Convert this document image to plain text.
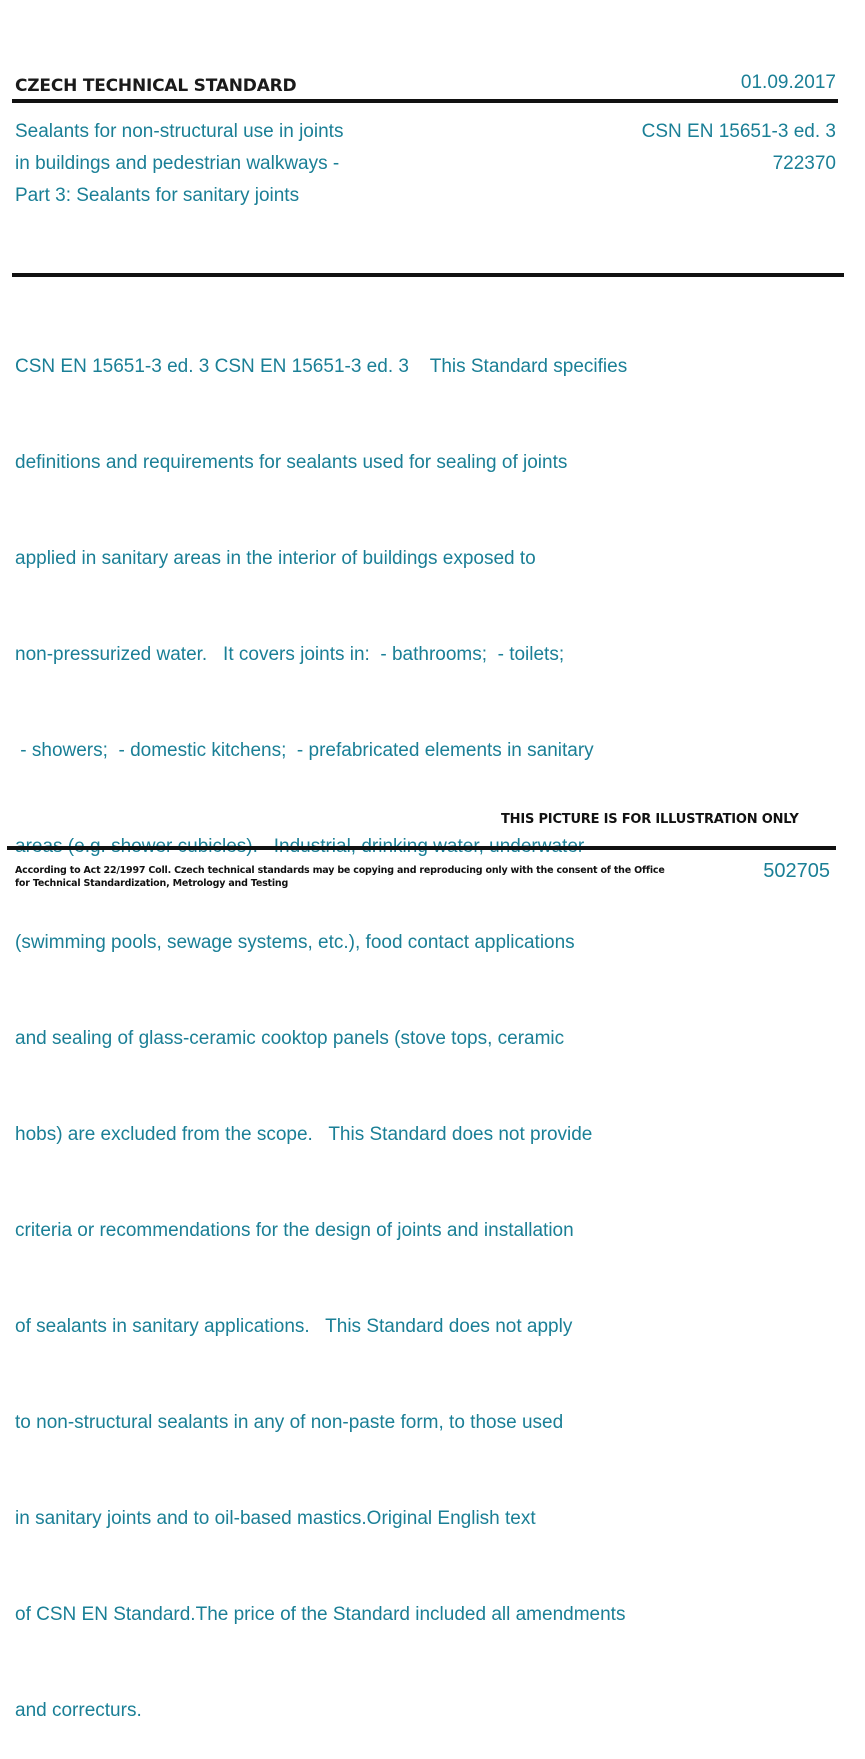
CZECH TECHNICAL STANDARD	01.09.2017
Sealants for non-structural use in joints
in buildings and pedestrian walkways -
Part 3: Sealants for sanitary joints
CSN EN 15651-3 ed. 3
722370

CSN EN 15651-3 ed. 3 CSN EN 15651-3 ed. 3    This Standard specifies

definitions and requirements for sealants used for sealing of joints

applied in sanitary areas in the interior of buildings exposed to

non-pressurized water.   It covers joints in:  - bathrooms;  - toilets;

- showers;  - domestic kitchens;  - prefabricated elements in sanitary

(swimming pools, sewage systems, etc.), food contact applications

and sealing of glass-ceramic cooktop panels (stove tops, ceramic

hobs) are excluded from the scope.   This Standard does not provide

criteria or recommendations for the design of joints and installation

of sealants in sanitary applications.   This Standard does not apply

to non-structural sealants in any of non-paste form, to those used

in sanitary joints and to oil-based mastics.Original English text

of CSN EN Standard.The price of the Standard included all amendments

and correcturs.

THIS PICTURE IS FOR ILLUSTRATION ONLY
According to Act 22/1997 Coll. Czech technical standards may be copying and reproducing only with the consent of the Office
for Technical Standardization, Metrology and Testing
502705
